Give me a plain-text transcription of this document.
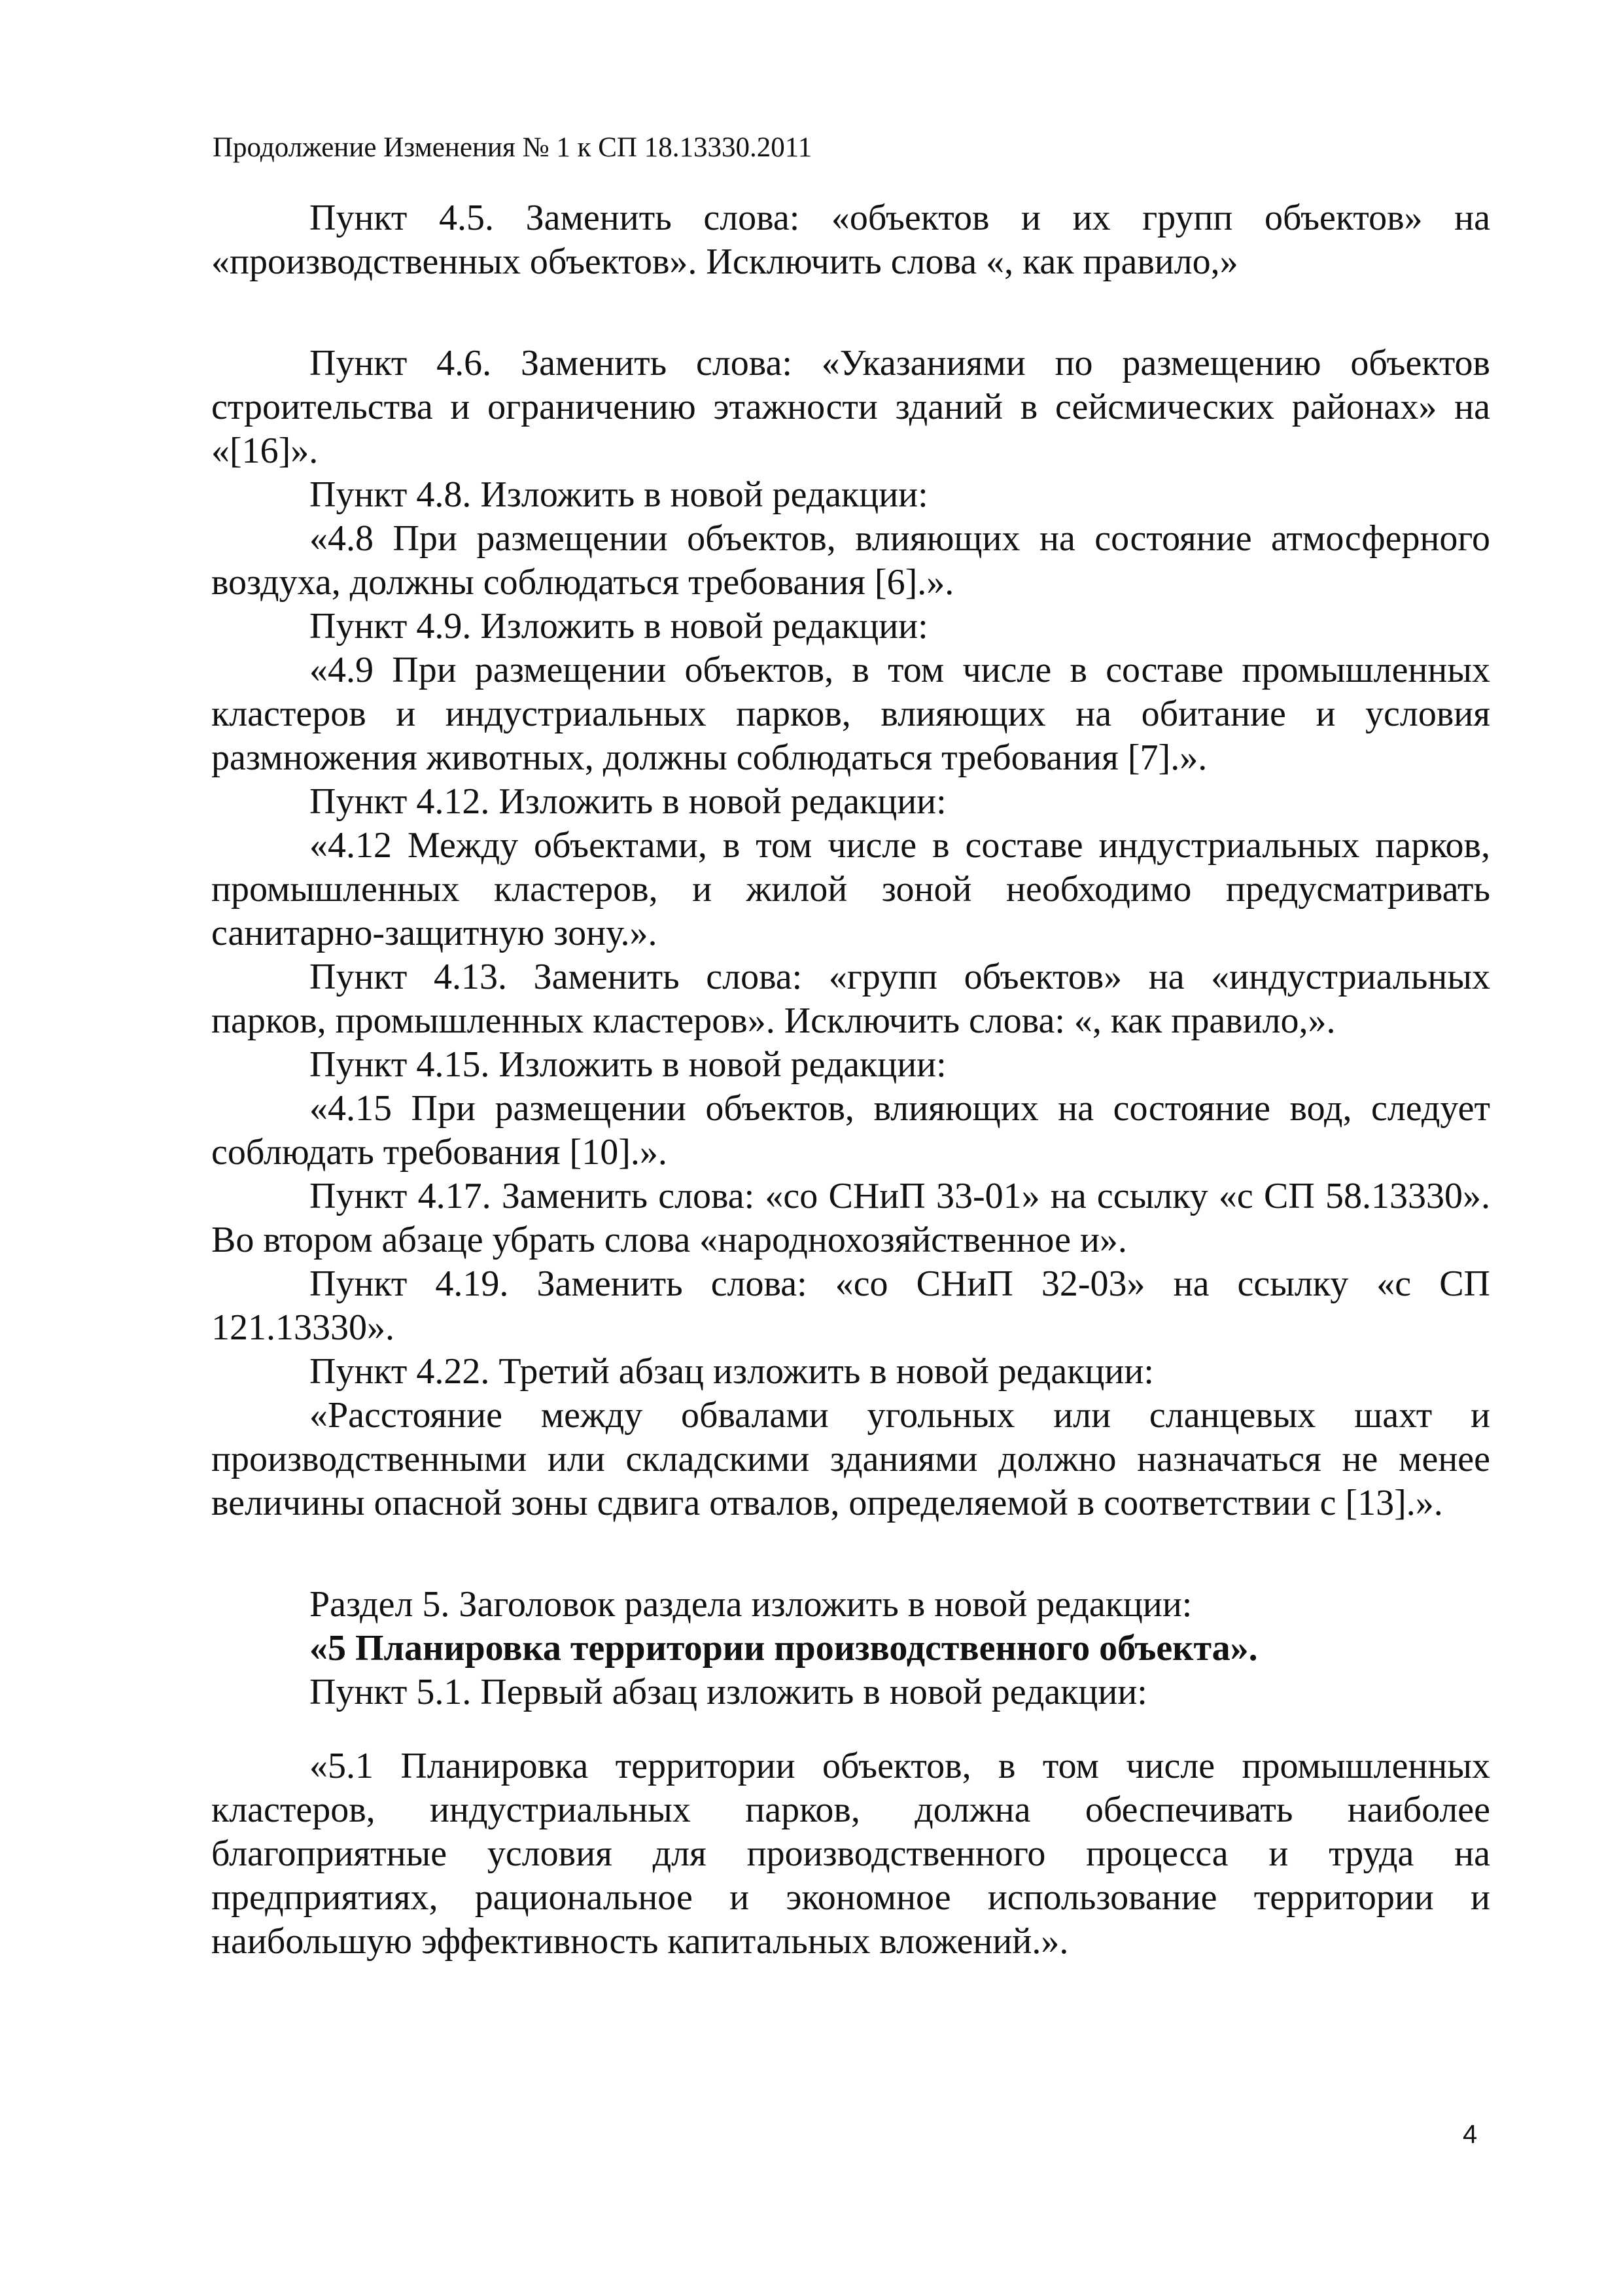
Продолжение Изменения № 1 к СП 18.13330.2011

Пункт 4.5. Заменить слова: «объектов и их групп объектов» на «производственных объектов». Исключить слова «, как правило,»

Пункт 4.6. Заменить слова: «Указаниями по размещению объектов строительства и ограничению этажности зданий в сейсмических районах» на «[16]».

Пункт 4.8. Изложить в новой редакции:

«4.8 При размещении объектов, влияющих на состояние атмосферного воздуха, должны соблюдаться требования [6].».

Пункт 4.9. Изложить в новой редакции:

«4.9 При размещении объектов, в том числе в составе промышленных кластеров и индустриальных парков, влияющих на обитание и условия размножения животных, должны соблюдаться требования [7].».

Пункт 4.12. Изложить в новой редакции:

«4.12 Между объектами, в том числе в составе индустриальных парков, промышленных кластеров, и жилой зоной необходимо предусматривать санитарно-защитную зону.».

Пункт 4.13. Заменить слова: «групп объектов» на «индустриальных парков, промышленных кластеров». Исключить слова: «, как правило,».

Пункт 4.15. Изложить в новой редакции:

«4.15 При размещении объектов, влияющих на состояние вод, следует соблюдать требования [10].».

Пункт 4.17. Заменить слова: «со СНиП 33-01» на ссылку «с СП 58.13330». Во втором абзаце убрать слова «народнохозяйственное и».

Пункт 4.19. Заменить слова: «со СНиП 32-03» на ссылку «с СП 121.13330».

Пункт 4.22. Третий абзац изложить в новой редакции:

«Расстояние между обвалами угольных или сланцевых шахт и производственными или складскими зданиями должно назначаться не менее величины опасной зоны сдвига отвалов, определяемой в соответствии с [13].».

Раздел 5. Заголовок раздела изложить в новой редакции:

«5 Планировка территории производственного объекта».

Пункт 5.1. Первый абзац изложить в новой редакции:

«5.1 Планировка территории объектов, в том числе промышленных кластеров, индустриальных парков, должна обеспечивать наиболее благоприятные условия для производственного процесса и труда на предприятиях, рациональное и экономное использование территории и наибольшую эффективность капитальных вложений.».

4
